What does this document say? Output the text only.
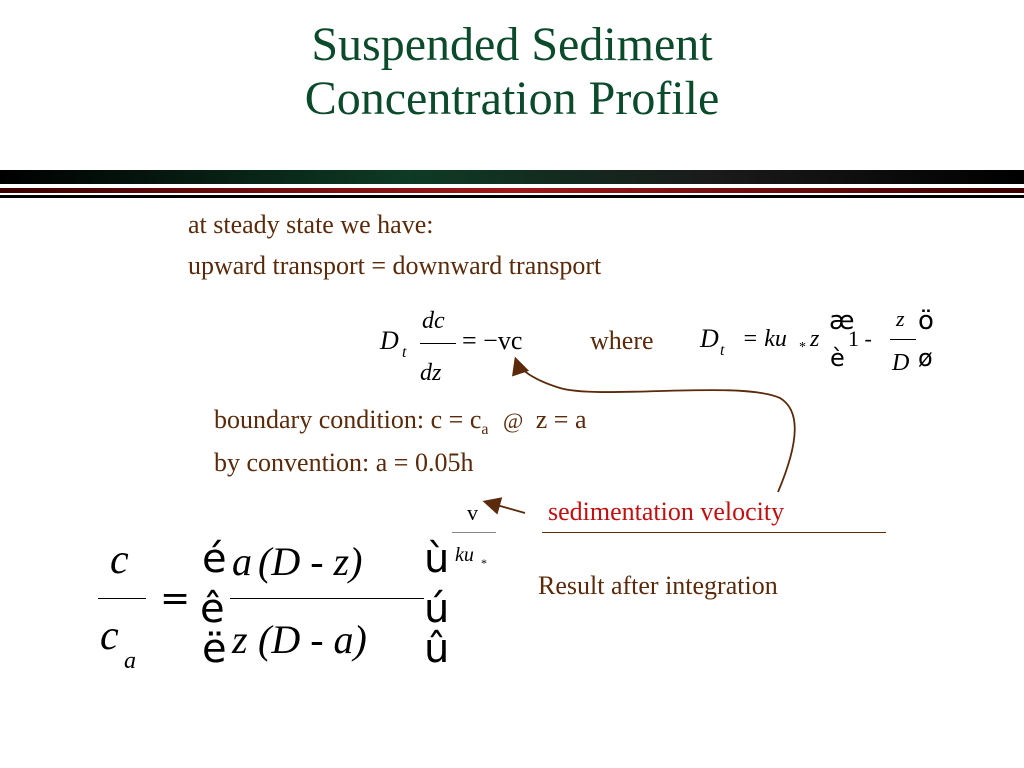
Suspended Sediment
Concentration Profile
at steady state we have:
upward transport = downward transport
D t
dc
dz
= −vc	where D t = ku * z
æ
è
1 -
z
D
ö
ø
boundary condition: $c = c_a$ @ z = a
by convention: a = 0.05h
sedimentation velocity
Result after integration
c
c
a
=
é
ê
ë
a (D - z)
z (D - a)
ù
ú
û
v
ku *
